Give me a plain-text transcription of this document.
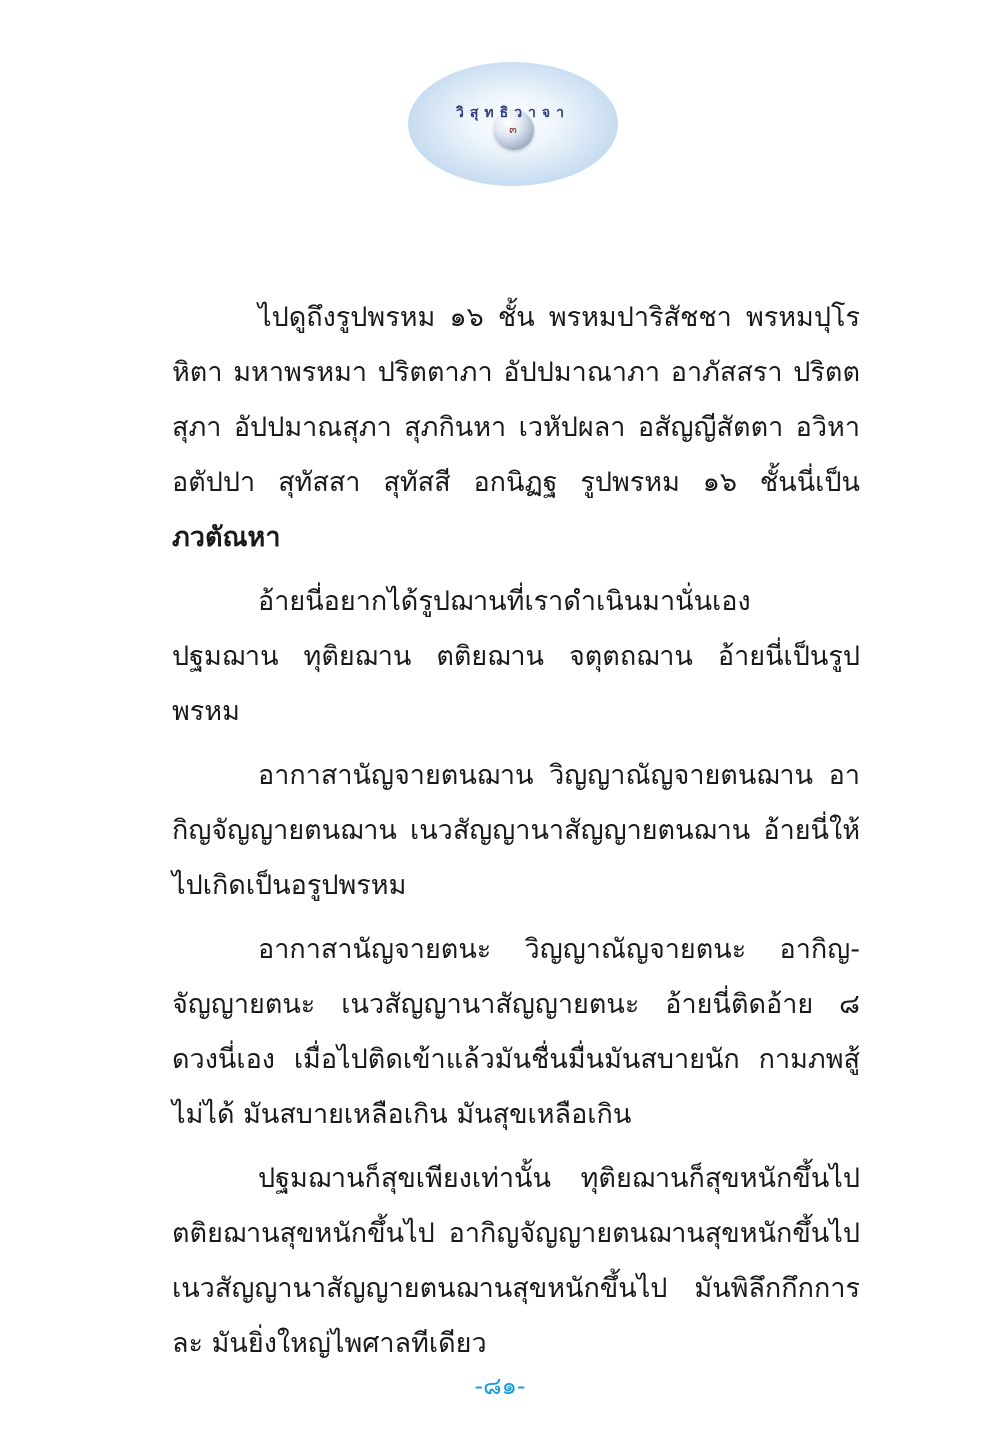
วิสุทธิวาจา
๓

ไปดูถึงรูปพรหม ๑๖ ชั้น พรหมปาริสัชชา พรหมปุโรหิตา มหาพรหมา ปริตตาภา อัปปมาณาภา อาภัสสรา ปริตตสุภา อัปปมาณสุภา สุภกินหา เวหัปผลา อสัญญีสัตตา อวิหา อตัปปา สุทัสสา สุทัสสี อกนิฏฐ รูปพรหม ๑๖ ชั้นนี่เป็นภวตัณหา

อ้ายนี่อยากได้รูปฌานที่เราดำเนินมานั่นเอง ปฐมฌาน ทุติยฌาน ตติยฌาน จตุตถฌาน อ้ายนี่เป็นรูปพรหม

อากาสานัญจายตนฌาน วิญญาณัญจายตนฌาน อากิญจัญญายตนฌาน เนวสัญญานาสัญญายตนฌาน อ้ายนี่ให้ไปเกิดเป็นอรูปพรหม

อากาสานัญจายตนะ วิญญาณัญจายตนะ อากิญ-จัญญายตนะ เนวสัญญานาสัญญายตนะ อ้ายนี่ติดอ้าย ๘ ดวงนี่เอง เมื่อไปติดเข้าแล้วมันชื่นมื่นมันสบายนัก กามภพสู้ไม่ได้ มันสบายเหลือเกิน มันสุขเหลือเกิน

ปฐมฌานก็สุขเพียงเท่านั้น ทุติยฌานก็สุขหนักขึ้นไป ตติยฌานสุขหนักขึ้นไป อากิญจัญญายตนฌานสุขหนักขึ้นไป เนวสัญญานาสัญญายตนฌานสุขหนักขึ้นไป มันพิลึกกึกการละ มันยิ่งใหญ่ไพศาลทีเดียว

-๘๑-
